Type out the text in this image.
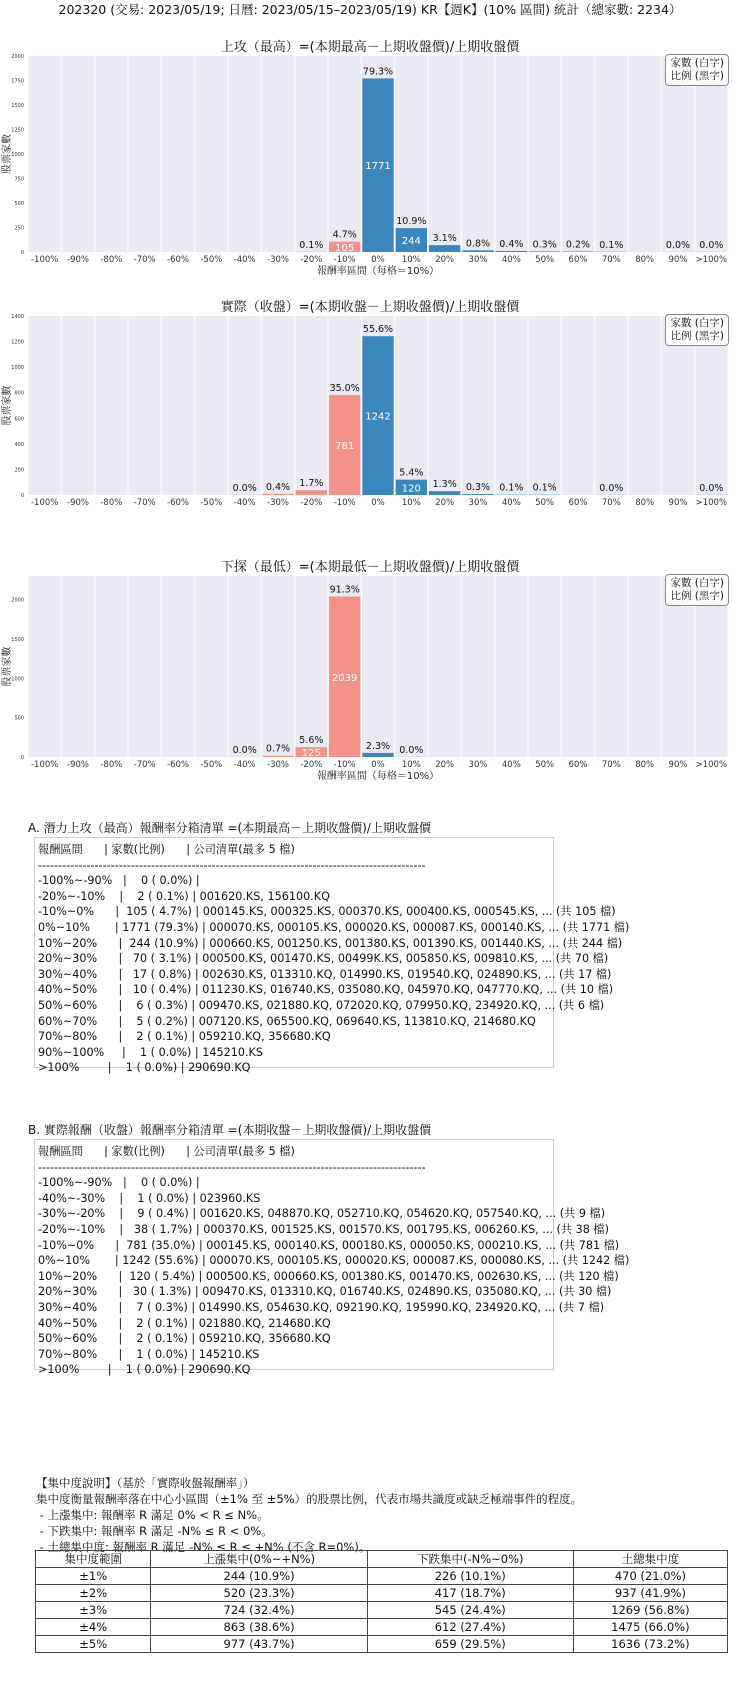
202320 (交易: 2023/05/19; 日曆: 2023/05/15–2023/05/19) KR【週K】(10% 區間) 統計（總家數: 2234）
上攻（最高）=(本期最高－上期收盤價)/上期收盤價
0
250
500
750
1000
1250
1500
1750
2000
股票家數
-100% -90% -80% -70% -60% -50% -40% -30% -20% -10% 0% 10% 20% 30% 40% 50% 60% 70% 80% 90% >100%
報酬率區間（每格＝10%）
0.1%
4.7%
105
79.3%
1771
10.9%
244 3.1% 0.8% 0.4% 0.3% 0.2% 0.1%	0.0% 0.0%
家數 (白字)
比例 (黑字)
實際（收盤）=(本期收盤－上期收盤價)/上期收盤價
0
200
400
600
800
1000
1200
1400
股票家數
-100% -90% -80% -70% -60% -50% -40% -30% -20% -10% 0% 10% 20% 30% 40% 50% 60% 70% 80% 90% >100%
0.0% 0.4% 1.7%
35.0%
781
55.6%
1242
5.4%
120 1.3% 0.3% 0.1% 0.1%	0.0%	0.0%
家數 (白字)
比例 (黑字)
下探（最低）=(本期最低－上期收盤價)/上期收盤價
0
500
1000
1500
2000
股票家數
-100% -90% -80% -70% -60% -50% -40% -30% -20% -10% 0% 10% 20% 30% 40% 50% 60% 70% 80% 90% >100%
報酬率區間（每格＝10%）
0.0% 0.7%
5.6%
125
91.3%
2039
2.3% 0.0%
家數 (白字)
比例 (黑字)
A. 潛力上攻（最高）報酬率分箱清單 =(本期最高－上期收盤價)/上期收盤價
報酬區間      | 家數(比例)      | 公司清單(最多 5 檔)
------------------------------------------------------------------------------------------------
-100%~-90%   |    0 ( 0.0%) |
-20%~-10%    |    2 ( 0.1%) | 001620.KS, 156100.KQ
-10%~0%      |  105 ( 4.7%) | 000145.KS, 000325.KS, 000370.KS, 000400.KS, 000545.KS, ... (共 105 檔)
0%~10%       | 1771 (79.3%) | 000070.KS, 000105.KS, 000020.KS, 000087.KS, 000140.KS, ... (共 1771 檔)
10%~20%      |  244 (10.9%) | 000660.KS, 001250.KS, 001380.KS, 001390.KS, 001440.KS, ... (共 244 檔)
20%~30%      |   70 ( 3.1%) | 000500.KS, 001470.KS, 00499K.KS, 005850.KS, 009810.KS, ... (共 70 檔)
30%~40%      |   17 ( 0.8%) | 002630.KS, 013310.KQ, 014990.KS, 019540.KQ, 024890.KS, ... (共 17 檔)
40%~50%      |   10 ( 0.4%) | 011230.KS, 016740.KS, 035080.KQ, 045970.KQ, 047770.KQ, ... (共 10 檔)
50%~60%      |    6 ( 0.3%) | 009470.KS, 021880.KQ, 072020.KQ, 079950.KQ, 234920.KQ, ... (共 6 檔)
60%~70%      |    5 ( 0.2%) | 007120.KS, 065500.KQ, 069640.KS, 113810.KQ, 214680.KQ
70%~80%      |    2 ( 0.1%) | 059210.KQ, 356680.KQ
90%~100%     |    1 ( 0.0%) | 145210.KS
>100%        |    1 ( 0.0%) | 290690.KQ
B. 實際報酬（收盤）報酬率分箱清單 =(本期收盤－上期收盤價)/上期收盤價
報酬區間      | 家數(比例)      | 公司清單(最多 5 檔)
------------------------------------------------------------------------------------------------
-100%~-90%   |    0 ( 0.0%) |
-40%~-30%    |    1 ( 0.0%) | 023960.KS
-30%~-20%    |    9 ( 0.4%) | 001620.KS, 048870.KQ, 052710.KQ, 054620.KQ, 057540.KQ, ... (共 9 檔)
-20%~-10%    |   38 ( 1.7%) | 000370.KS, 001525.KS, 001570.KS, 001795.KS, 006260.KS, ... (共 38 檔)
-10%~0%      |  781 (35.0%) | 000145.KS, 000140.KS, 000180.KS, 000050.KS, 000210.KS, ... (共 781 檔)
0%~10%       | 1242 (55.6%) | 000070.KS, 000105.KS, 000020.KS, 000087.KS, 000080.KS, ... (共 1242 檔)
10%~20%      |  120 ( 5.4%) | 000500.KS, 000660.KS, 001380.KS, 001470.KS, 002630.KS, ... (共 120 檔)
20%~30%      |   30 ( 1.3%) | 009470.KS, 013310.KQ, 016740.KS, 024890.KS, 035080.KQ, ... (共 30 檔)
30%~40%      |    7 ( 0.3%) | 014990.KS, 054630.KQ, 092190.KQ, 195990.KQ, 234920.KQ, ... (共 7 檔)
40%~50%      |    2 ( 0.1%) | 021880.KQ, 214680.KQ
50%~60%      |    2 ( 0.1%) | 059210.KQ, 356680.KQ
70%~80%      |    1 ( 0.0%) | 145210.KS
>100%        |    1 ( 0.0%) | 290690.KQ
【集中度說明】（基於「實際收盤報酬率」）
集中度衡量報酬率落在中心小區間（±1% 至 ±5%）的股票比例，代表市場共識度或缺乏極端事件的程度。
- 上漲集中: 報酬率 R 滿足 0% < R ≤ N%。
- 下跌集中: 報酬率 R 滿足 -N% ≤ R < 0%。
- 土總集中度: 報酬率 R 滿足 -N% ≤ R ≤ +N% (不含 R=0%)。
集中度範圍	上漲集中(0%~+N%)	下跌集中(-N%~0%)	土總集中度
±1%	244 (10.9%)	226 (10.1%)	470 (21.0%)
±2%	520 (23.3%)	417 (18.7%)	937 (41.9%)
±3%	724 (32.4%)	545 (24.4%)	1269 (56.8%)
±4%	863 (38.6%)	612 (27.4%)	1475 (66.0%)
±5%	977 (43.7%)	659 (29.5%)	1636 (73.2%)
